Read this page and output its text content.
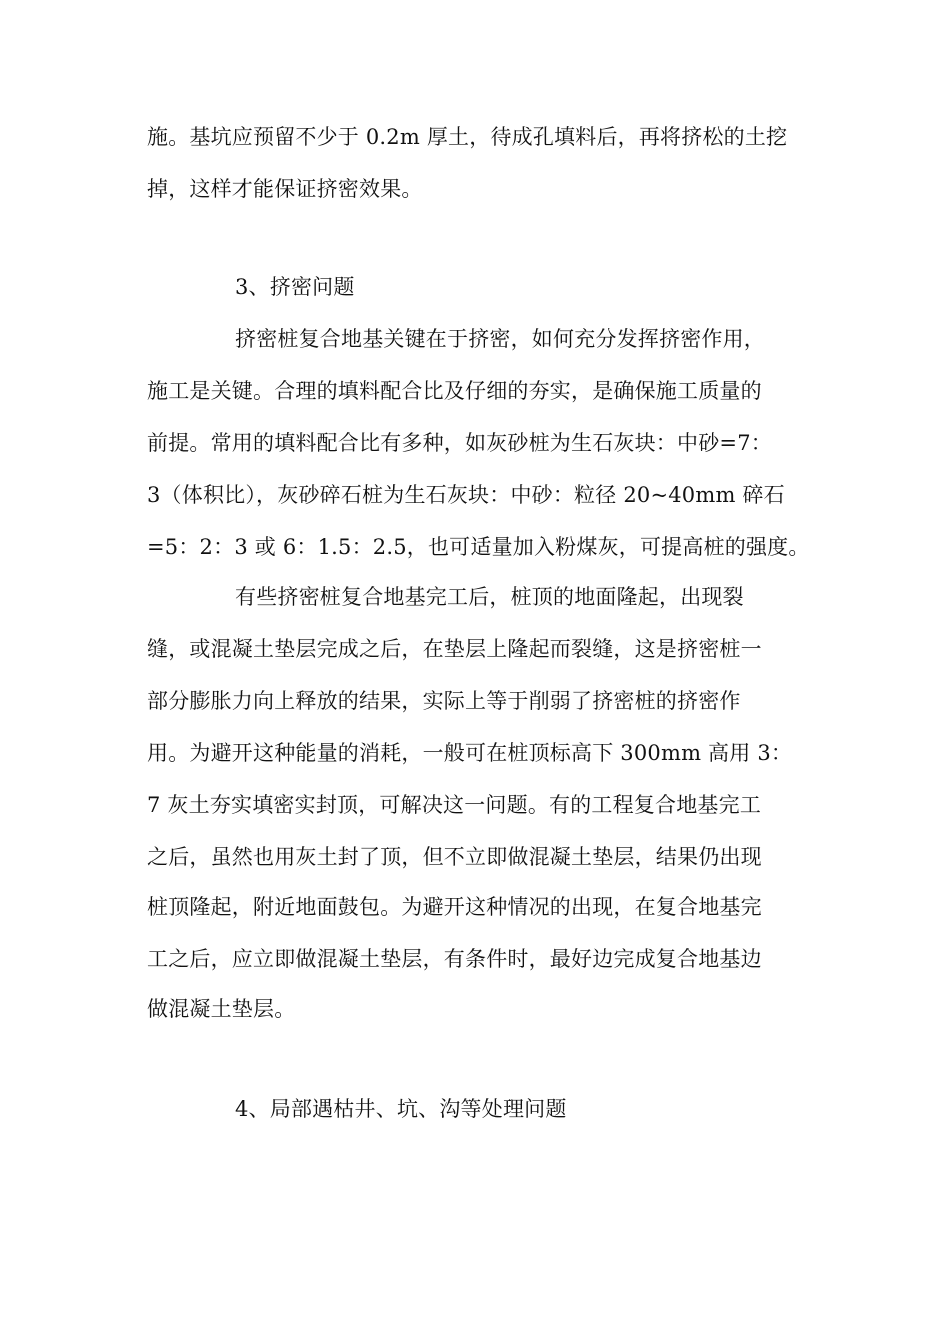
施。基坑应预留不少于 0.2m 厚土，待成孔填料后，再将挤松的土挖
掉，这样才能保证挤密效果。
3、挤密问题
挤密桩复合地基关键在于挤密，如何充分发挥挤密作用，
施工是关键。合理的填料配合比及仔细的夯实，是确保施工质量的
前提。常用的填料配合比有多种，如灰砂桩为生石灰块：中砂=7：
3（体积比），灰砂碎石桩为生石灰块：中砂：粒径 20~40mm 碎石
=5：2：3 或 6：1.5：2.5，也可适量加入粉煤灰，可提高桩的强度。
有些挤密桩复合地基完工后，桩顶的地面隆起，出现裂
缝，或混凝土垫层完成之后，在垫层上隆起而裂缝，这是挤密桩一
部分膨胀力向上释放的结果，实际上等于削弱了挤密桩的挤密作
用。为避开这种能量的消耗，一般可在桩顶标高下 300mm 高用 3：
7 灰土夯实填密实封顶，可解决这一问题。有的工程复合地基完工
之后，虽然也用灰土封了顶，但不立即做混凝土垫层，结果仍出现
桩顶隆起，附近地面鼓包。为避开这种情况的出现，在复合地基完
工之后，应立即做混凝土垫层，有条件时，最好边完成复合地基边
做混凝土垫层。
4、局部遇枯井、坑、沟等处理问题
